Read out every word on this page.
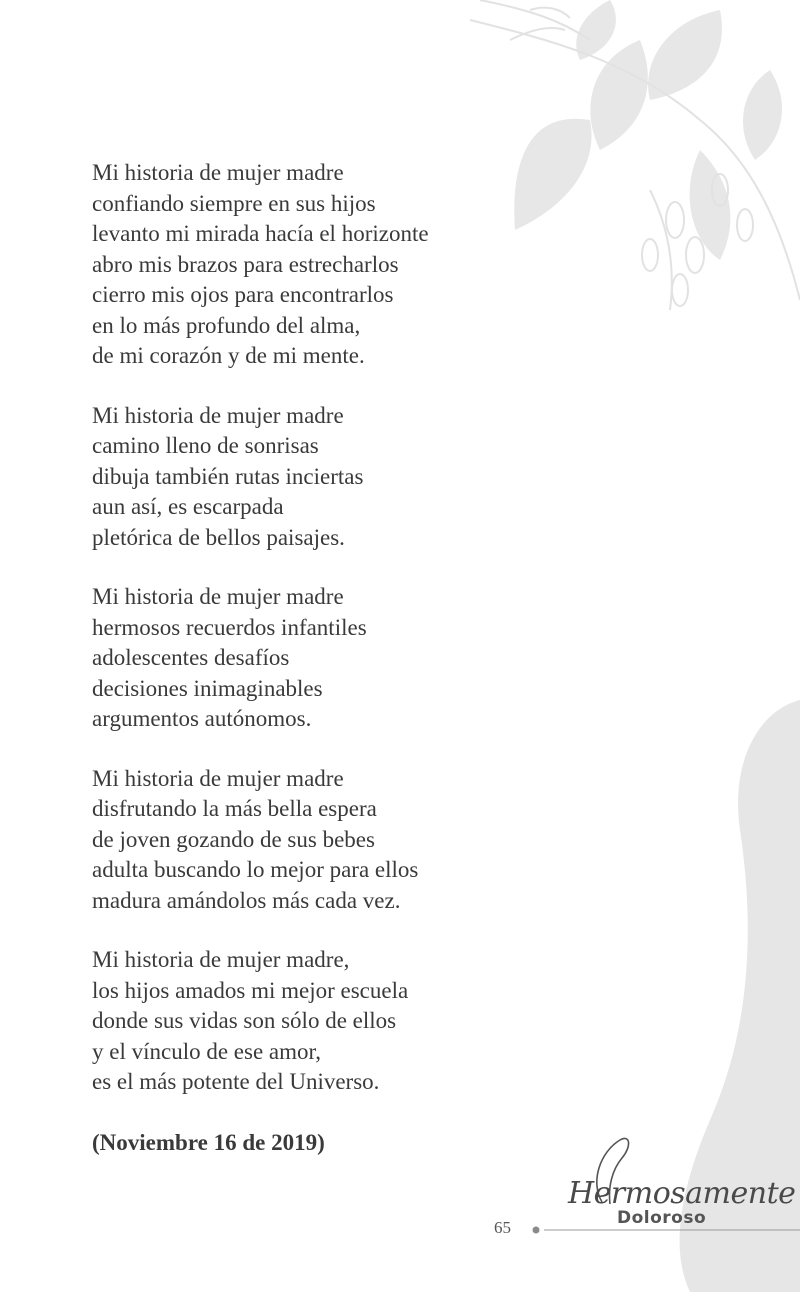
Mi historia de mujer madre
confiando siempre en sus hijos
levanto mi mirada hacía el horizonte
abro mis brazos para estrecharlos
cierro mis ojos para encontrarlos
en lo más profundo del alma,
de mi corazón y de mi mente.
Mi historia de mujer madre
camino lleno de sonrisas
dibuja también rutas inciertas
aun así, es escarpada
pletórica de bellos paisajes.
Mi historia de mujer madre
hermosos recuerdos infantiles
adolescentes desafíos
decisiones inimaginables
argumentos autónomos.
Mi historia de mujer madre
disfrutando la más bella espera
de joven gozando de sus bebes
adulta buscando lo mejor para ellos
madura amándolos más cada vez.
Mi historia de mujer madre,
los hijos amados mi mejor escuela
donde sus vidas son sólo de ellos
y el vínculo de ese amor,
es el más potente del Universo.
(Noviembre 16 de 2019)
65
Hermosamente
Doloroso
